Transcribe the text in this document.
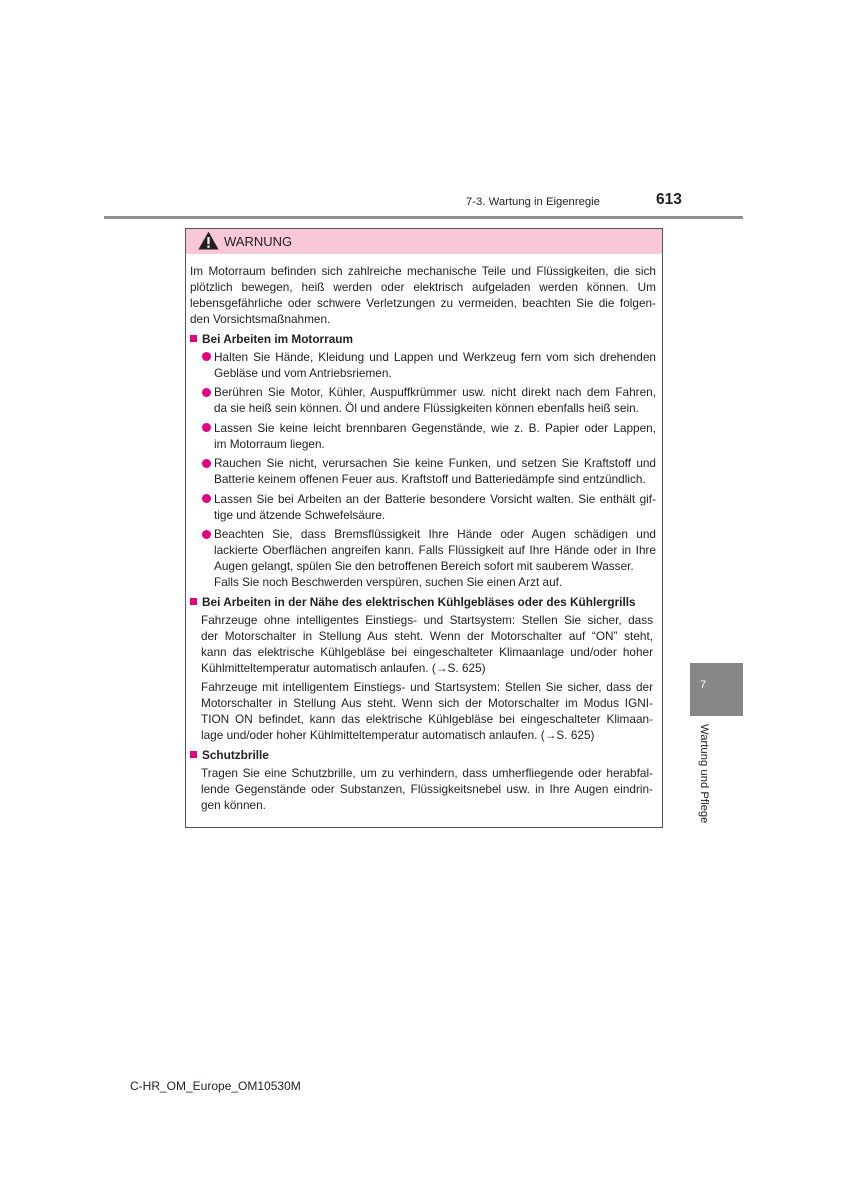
7-3. Wartung in Eigenregie	613
WARNUNG
Im Motorraum befinden sich zahlreiche mechanische Teile und Flüssigkeiten, die sich
plötzlich bewegen, heiß werden oder elektrisch aufgeladen werden können. Um
lebensgefährliche oder schwere Verletzungen zu vermeiden, beachten Sie die folgen-
den Vorsichtsmaßnahmen.
Bei Arbeiten im Motorraum
Halten Sie Hände, Kleidung und Lappen und Werkzeug fern vom sich drehenden
Gebläse und vom Antriebsriemen.
Berühren Sie Motor, Kühler, Auspuffkrümmer usw. nicht direkt nach dem Fahren,
da sie heiß sein können. Öl und andere Flüssigkeiten können ebenfalls heiß sein.
Lassen Sie keine leicht brennbaren Gegenstände, wie z. B. Papier oder Lappen,
im Motorraum liegen.
Rauchen Sie nicht, verursachen Sie keine Funken, und setzen Sie Kraftstoff und
Batterie keinem offenen Feuer aus. Kraftstoff und Batteriedämpfe sind entzündlich.
Lassen Sie bei Arbeiten an der Batterie besondere Vorsicht walten. Sie enthält gif-
tige und ätzende Schwefelsäure.
Beachten Sie, dass Bremsflüssigkeit Ihre Hände oder Augen schädigen und
lackierte Oberflächen angreifen kann. Falls Flüssigkeit auf Ihre Hände oder in Ihre
Augen gelangt, spülen Sie den betroffenen Bereich sofort mit sauberem Wasser.
Falls Sie noch Beschwerden verspüren, suchen Sie einen Arzt auf.
Bei Arbeiten in der Nähe des elektrischen Kühlgebläses oder des Kühlergrills
Fahrzeuge ohne intelligentes Einstiegs- und Startsystem: Stellen Sie sicher, dass
der Motorschalter in Stellung Aus steht. Wenn der Motorschalter auf “ON” steht,
kann das elektrische Kühlgebläse bei eingeschalteter Klimaanlage und/oder hoher
Kühlmitteltemperatur automatisch anlaufen. (→S. 625)
Fahrzeuge mit intelligentem Einstiegs- und Startsystem: Stellen Sie sicher, dass der
Motorschalter in Stellung Aus steht. Wenn sich der Motorschalter im Modus IGNI-
TION ON befindet, kann das elektrische Kühlgebläse bei eingeschalteter Klimaan-
lage und/oder hoher Kühlmitteltemperatur automatisch anlaufen. (→S. 625)
Schutzbrille
Tragen Sie eine Schutzbrille, um zu verhindern, dass umherfliegende oder herabfal-
lende Gegenstände oder Substanzen, Flüssigkeitsnebel usw. in Ihre Augen eindrin-
gen können.
7
Wartung und Pflege
C-HR_OM_Europe_OM10530M
